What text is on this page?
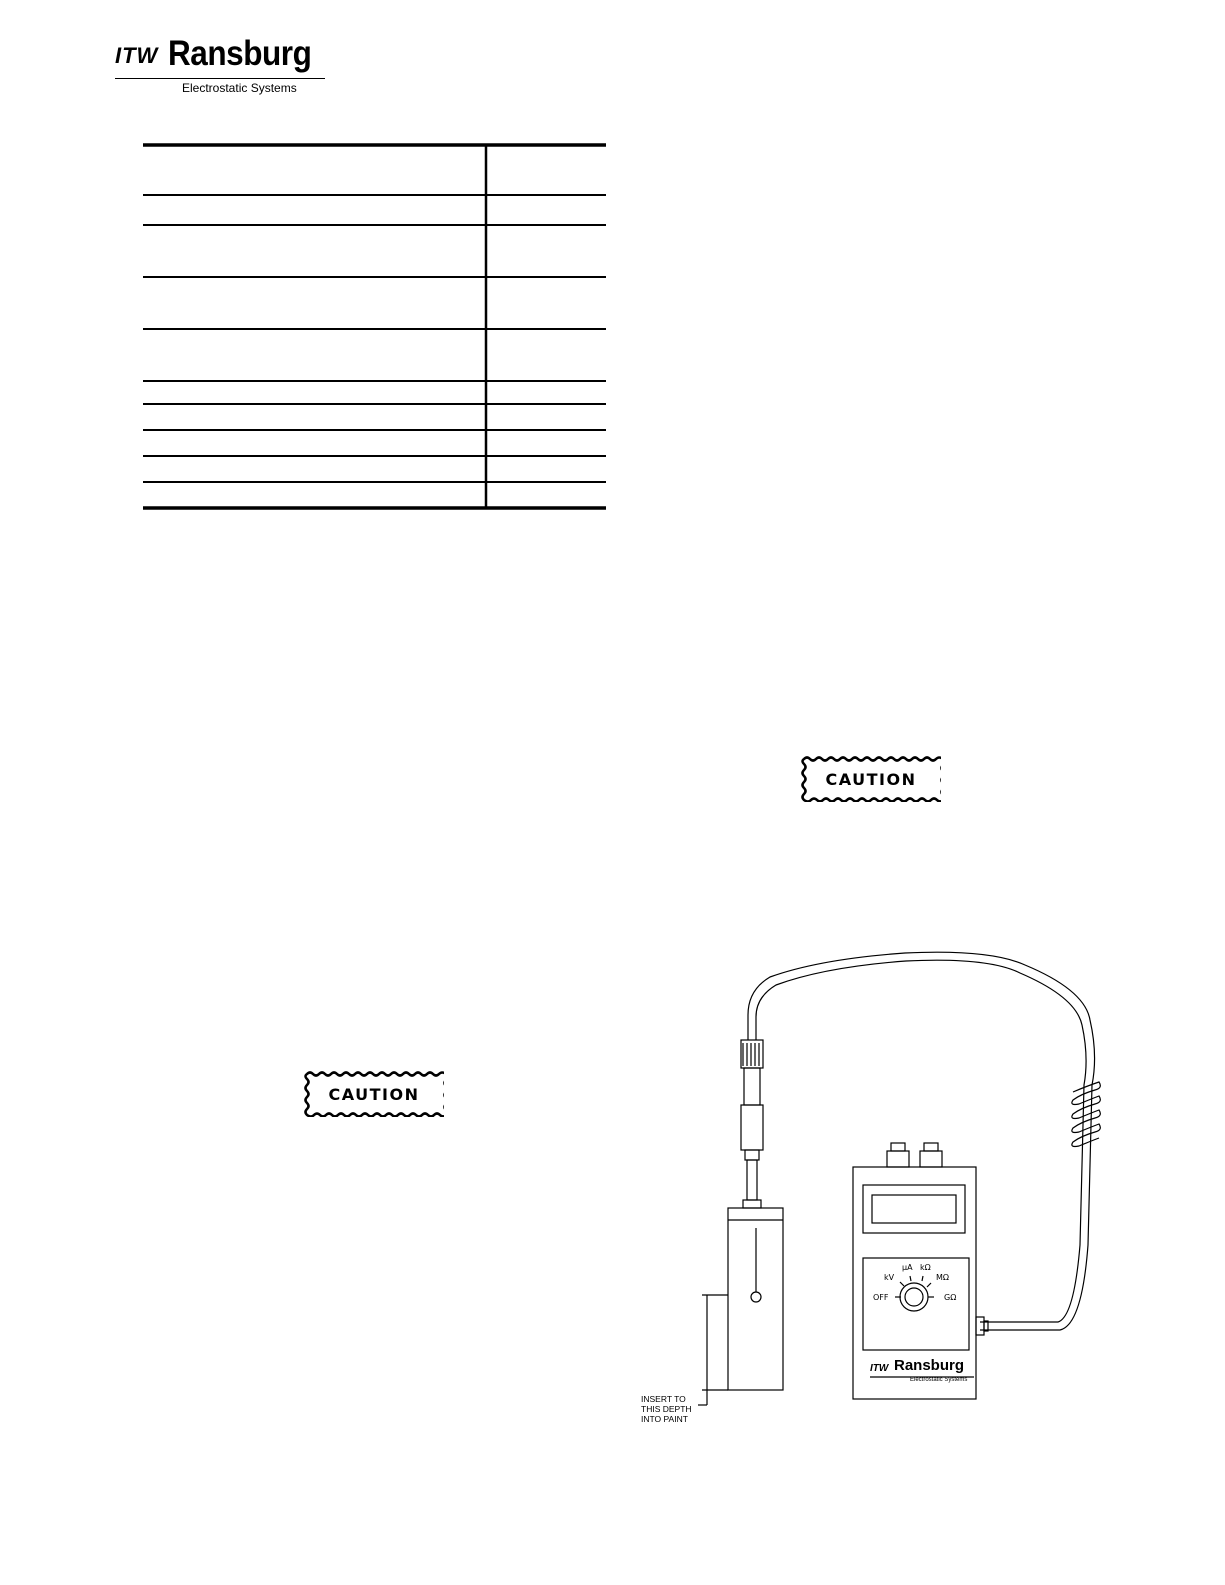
ITW Ransburg
Electrostatic Systems
CAUTION
CAUTION
OFF
kV
µA kΩ
MΩ
GΩ
ITW Ransburg
Electrostatic Systems
INSERT TO
THIS DEPTH
INTO PAINT
